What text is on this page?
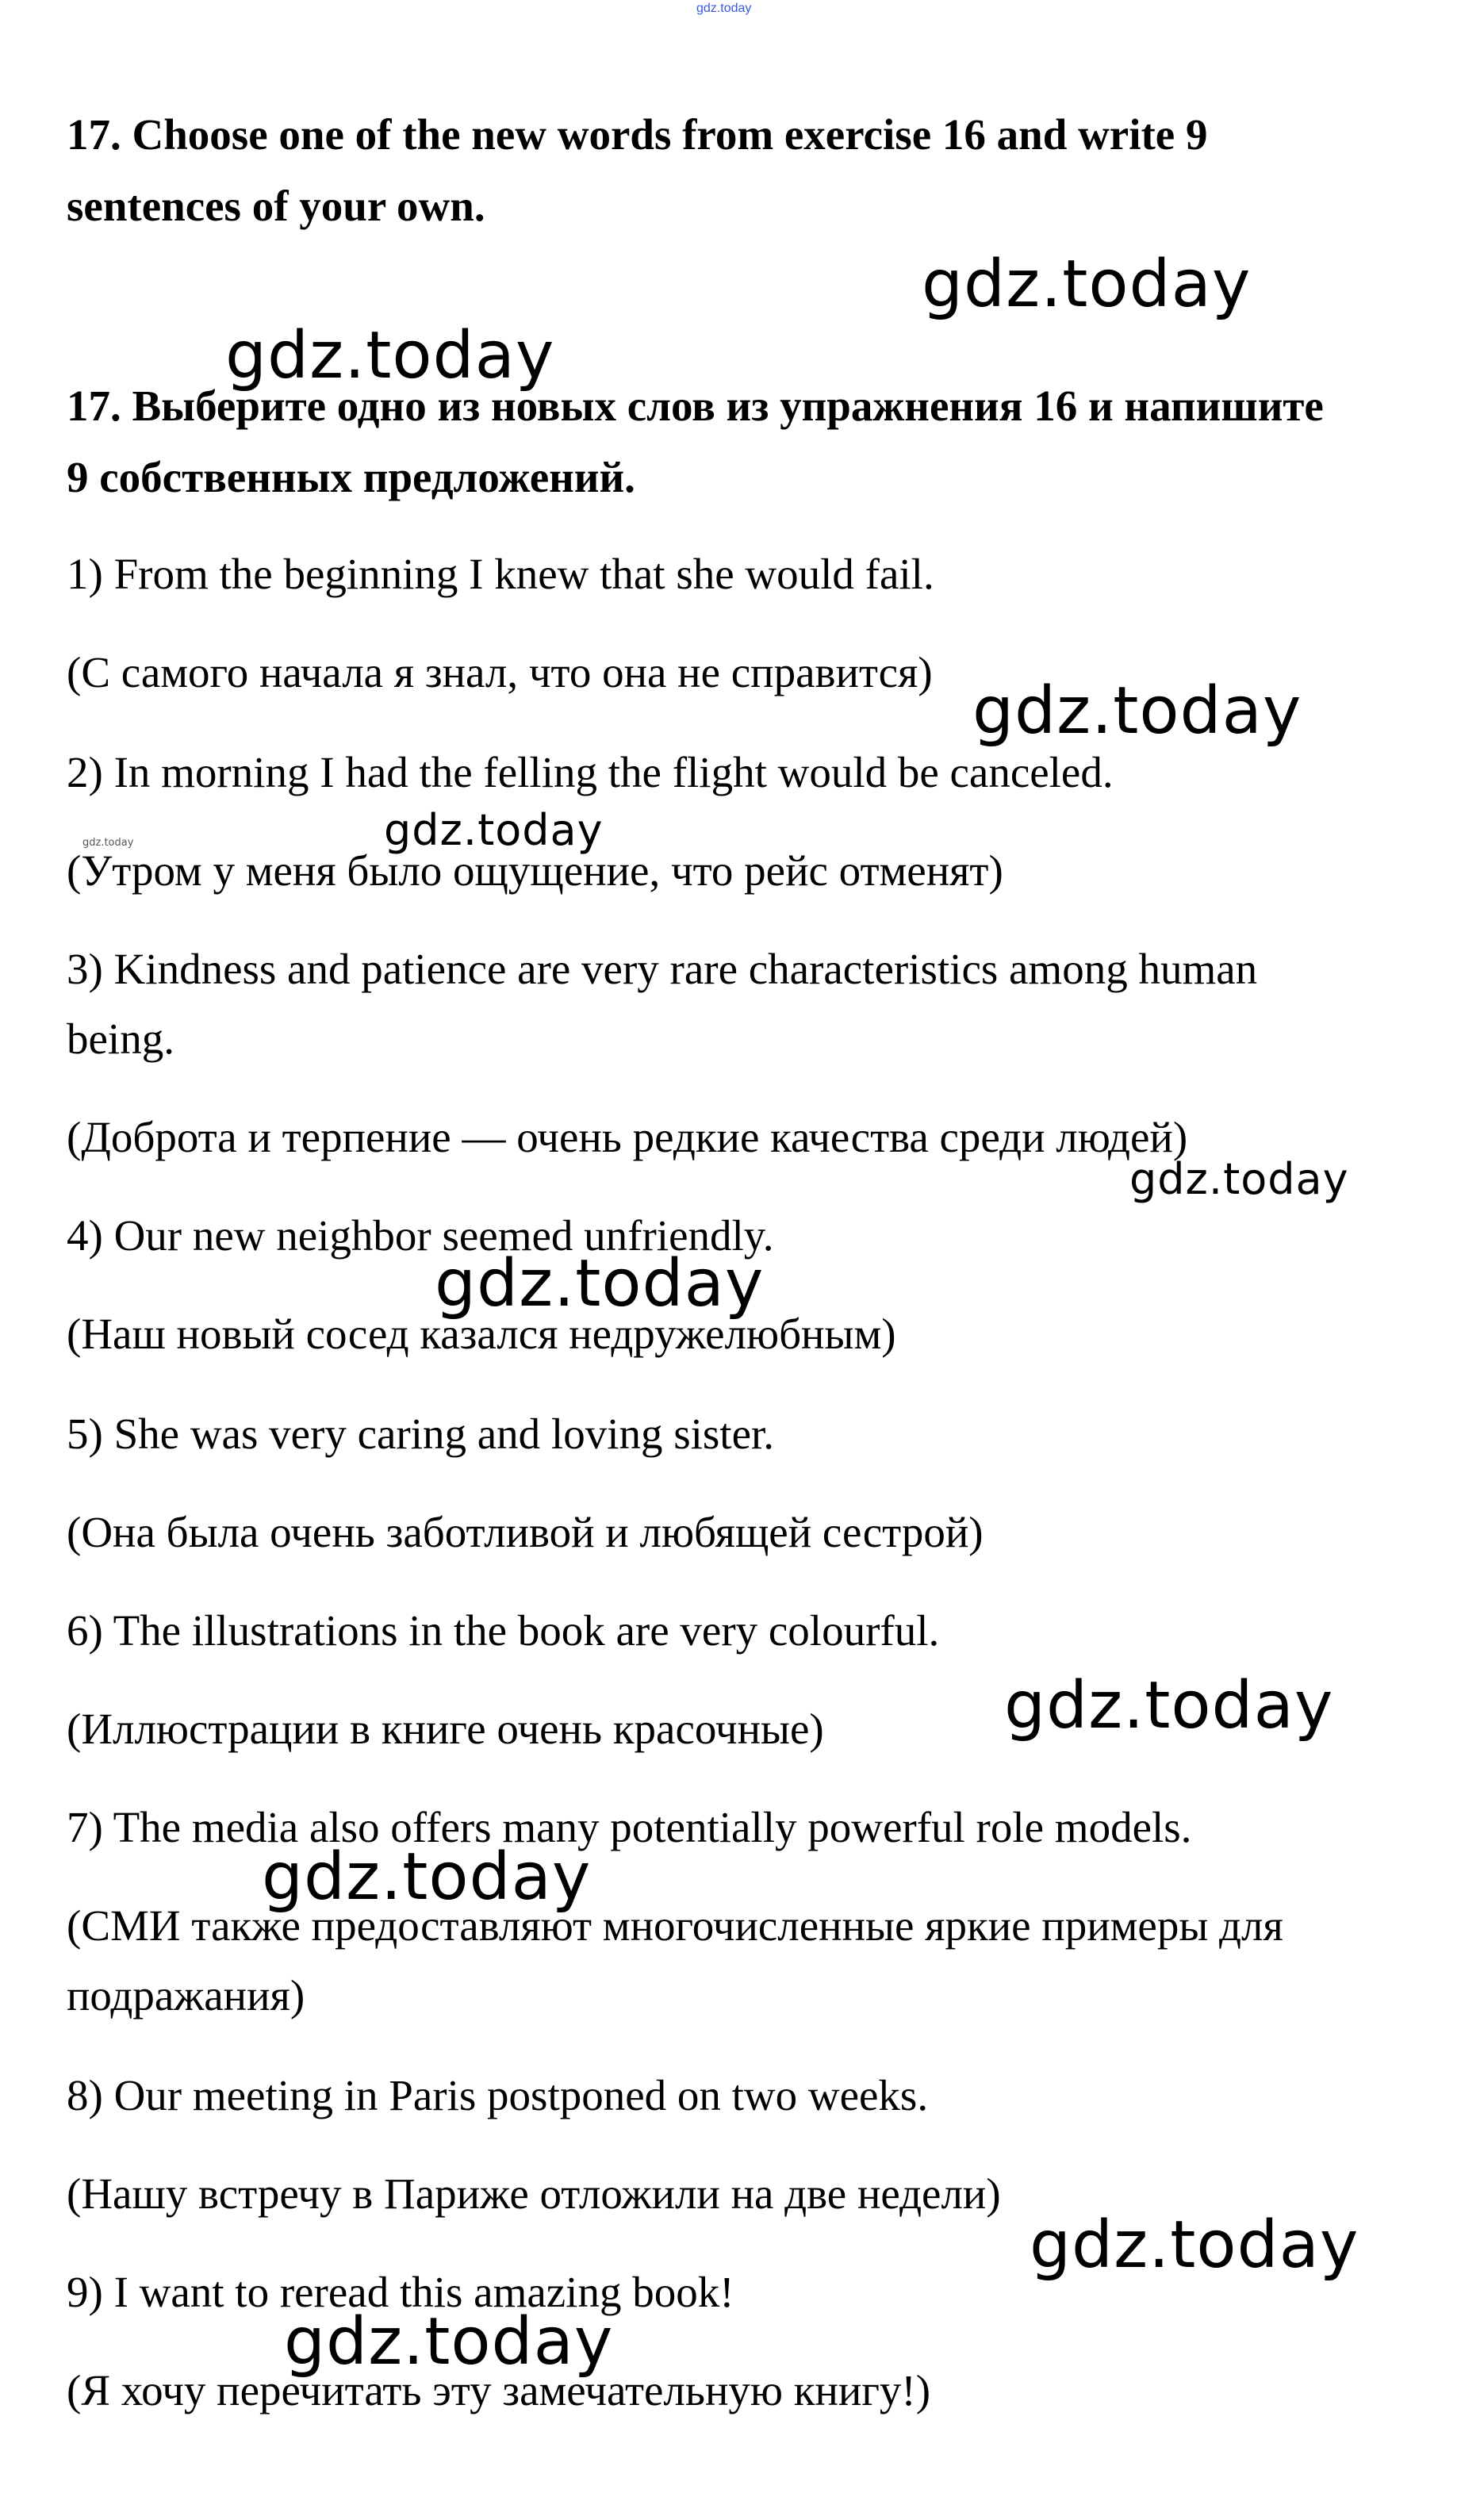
gdz.today
17. Choose one of the new words from exercise 16 and write 9
sentences of your own.
17. Выберите одно из новых слов из упражнения 16 и напишите
9 собственных предложений.
1) From the beginning I knew that she would fail.
(С самого начала я знал, что она не справится)
2) In morning I had the felling the flight would be canceled.
(Утром у меня было ощущение, что рейс отменят)
3) Kindness and patience are very rare characteristics among human
being.
(Доброта и терпение — очень редкие качества среди людей)
4) Our new neighbor seemed unfriendly.
(Наш новый сосед казался недружелюбным)
5) She was very caring and loving sister.
(Она была очень заботливой и любящей сестрой)
6) The illustrations in the book are very colourful.
(Иллюстрации в книге очень красочные)
7) The media also offers many potentially powerful role models.
(СМИ также предоставляют многочисленные яркие примеры для
подражания)
8) Our meeting in Paris postponed on two weeks.
(Нашу встречу в Париже отложили на две недели)
9) I want to reread this amazing book!
(Я хочу перечитать эту замечательную книгу!)
gdz.today
gdz.today
gdz.today
gdz.today
gdz.today
gdz.today
gdz.today
gdz.today
gdz.today
gdz.today
gdz.today
